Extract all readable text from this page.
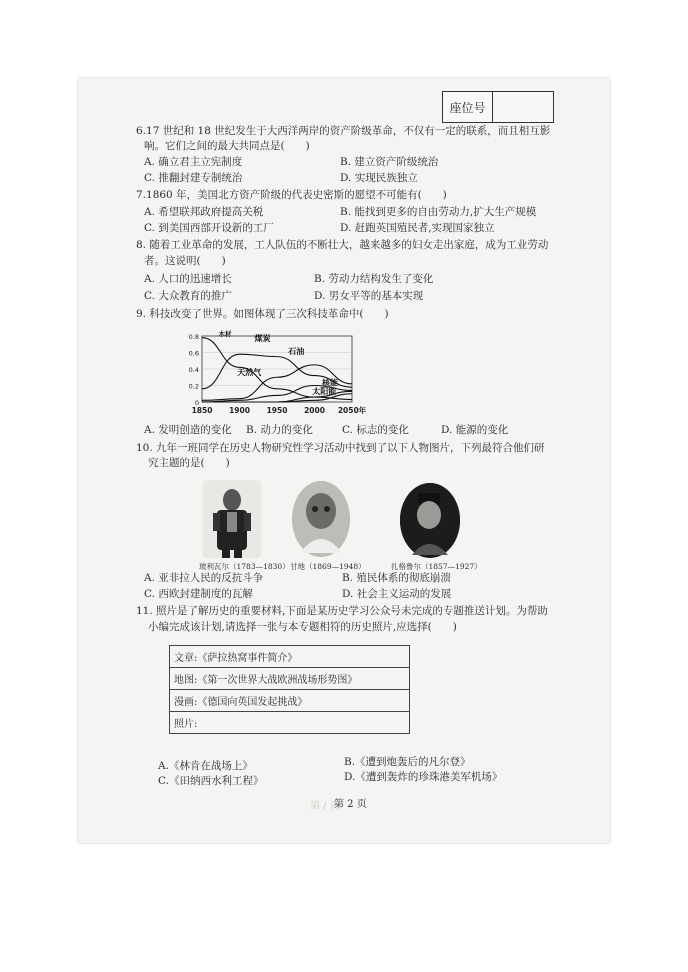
座位号
6.17 世纪和 18 世纪发生于大西洋两岸的资产阶级革命，不仅有一定的联系，而且相互影
响。它们之间的最大共同点是(　　)
A. 确立君主立宪制度	B. 建立资产阶级统治
C. 推翻封建专制统治	D. 实现民族独立
7.1860 年，美国北方资产阶级的代表史密斯的愿望不可能有(　　)
A. 希望联邦政府提高关税	B. 能找到更多的自由劳动力,扩大生产规模
C. 到美国西部开设新的工厂	D. 赶跑英国殖民者,实现国家独立
8. 随着工业革命的发展，工人队伍的不断壮大，越来越多的妇女走出家庭，成为工业劳动
者。这说明(　　)
A. 人口的迅速增长	B. 劳动力结构发生了变化
C. 大众教育的推广	D. 男女平等的基本实现
9. 科技改变了世界。如图体现了三次科技革命中(　　)
0.8
0.6
0.4
0.2
0
1850 1900 1950 2000 2050年
木材	煤炭
石油
天然气
核能
太阳能
A. 发明创造的变化 B. 动力的变化	C. 标志的变化	D. 能源的变化
10. 九年一班同学在历史人物研究性学习活动中找到了以下人物图片，下列最符合他们研
究主题的是(　　)
玻利瓦尔（1783—1830） 甘地（1869—1948）	扎格鲁尔（1857—1927）
A. 亚非拉人民的反抗斗争	B. 殖民体系的彻底崩溃
C. 西欧封建制度的瓦解	D. 社会主义运动的发展
11. 照片是了解历史的重要材料,下面是某历史学习公众号未完成的专题推送计划。为帮助
小编完成该计划,请选择一张与本专题相符的历史照片,应选择(　　)
文章:《萨拉热窝事件简介》
地图:《第一次世界大战欧洲战场形势图》
漫画:《德国向英国发起挑战》
照片:
A.《林肯在战场上》	B.《遭到炮轰后的凡尔登》
C.《田纳西水利工程》	D.《遭到轰炸的珍珠港美军机场》
第 / 页
第 2 页
